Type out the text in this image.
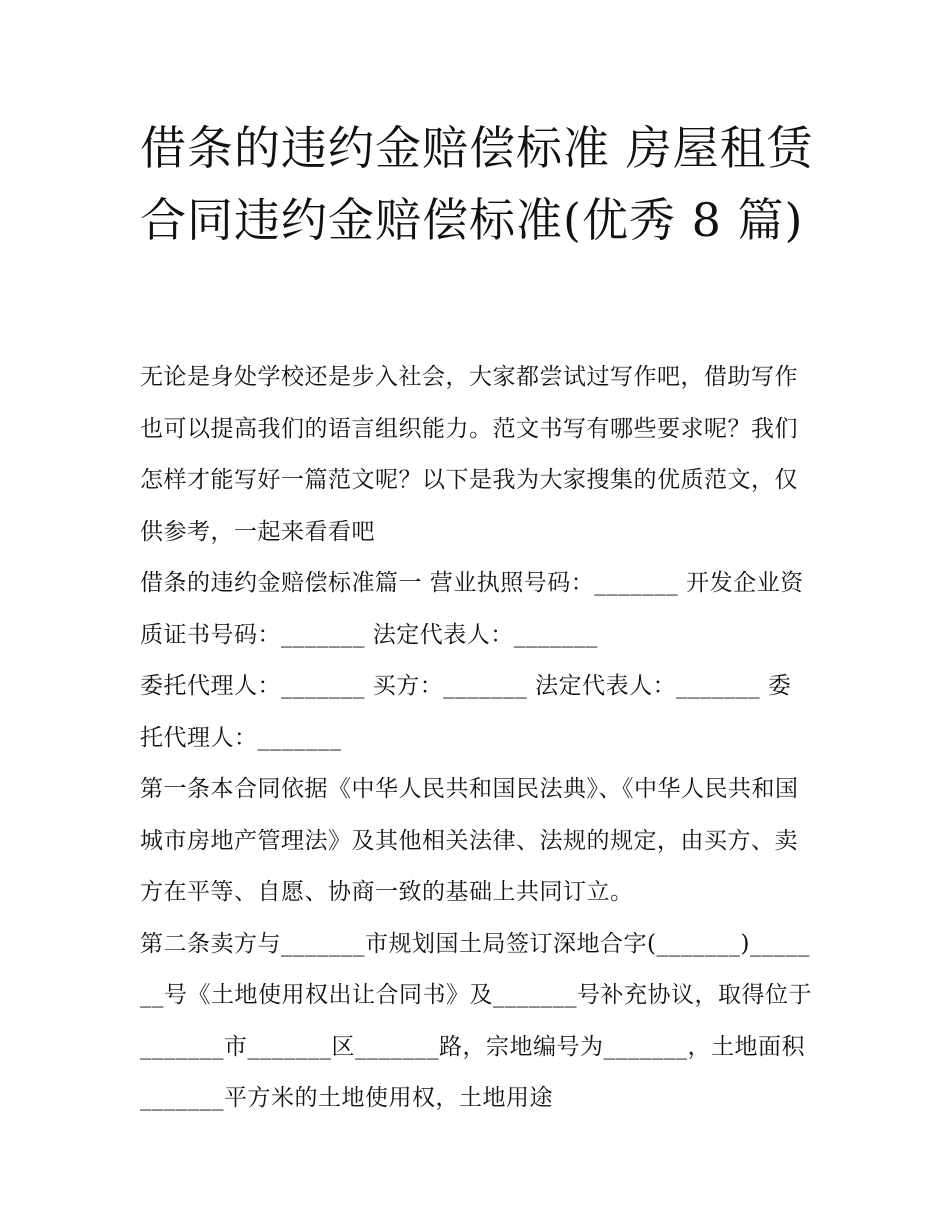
借条的违约金赔偿标准 房屋租赁合同违约金赔偿标准(优秀 8 篇)

无论是身处学校还是步入社会，大家都尝试过写作吧，借助写作也可以提高我们的语言组织能力。范文书写有哪些要求呢？我们怎样才能写好一篇范文呢？以下是我为大家搜集的优质范文，仅供参考，一起来看看吧

借条的违约金赔偿标准篇一 营业执照号码：_______ 开发企业资质证书号码：_______ 法定代表人：_______

委托代理人：_______ 买方：_______ 法定代表人：_______ 委托代理人：_______

第一条本合同依据《中华人民共和国民法典》、《中华人民共和国城市房地产管理法》及其他相关法律、法规的规定，由买方、卖方在平等、自愿、协商一致的基础上共同订立。

第二条卖方与_______市规划国土局签订深地合字(_______)_______号《土地使用权出让合同书》及_______号补充协议，取得位于_______市_______区_______路，宗地编号为_______，土地面积_______平方米的土地使用权，土地用途
